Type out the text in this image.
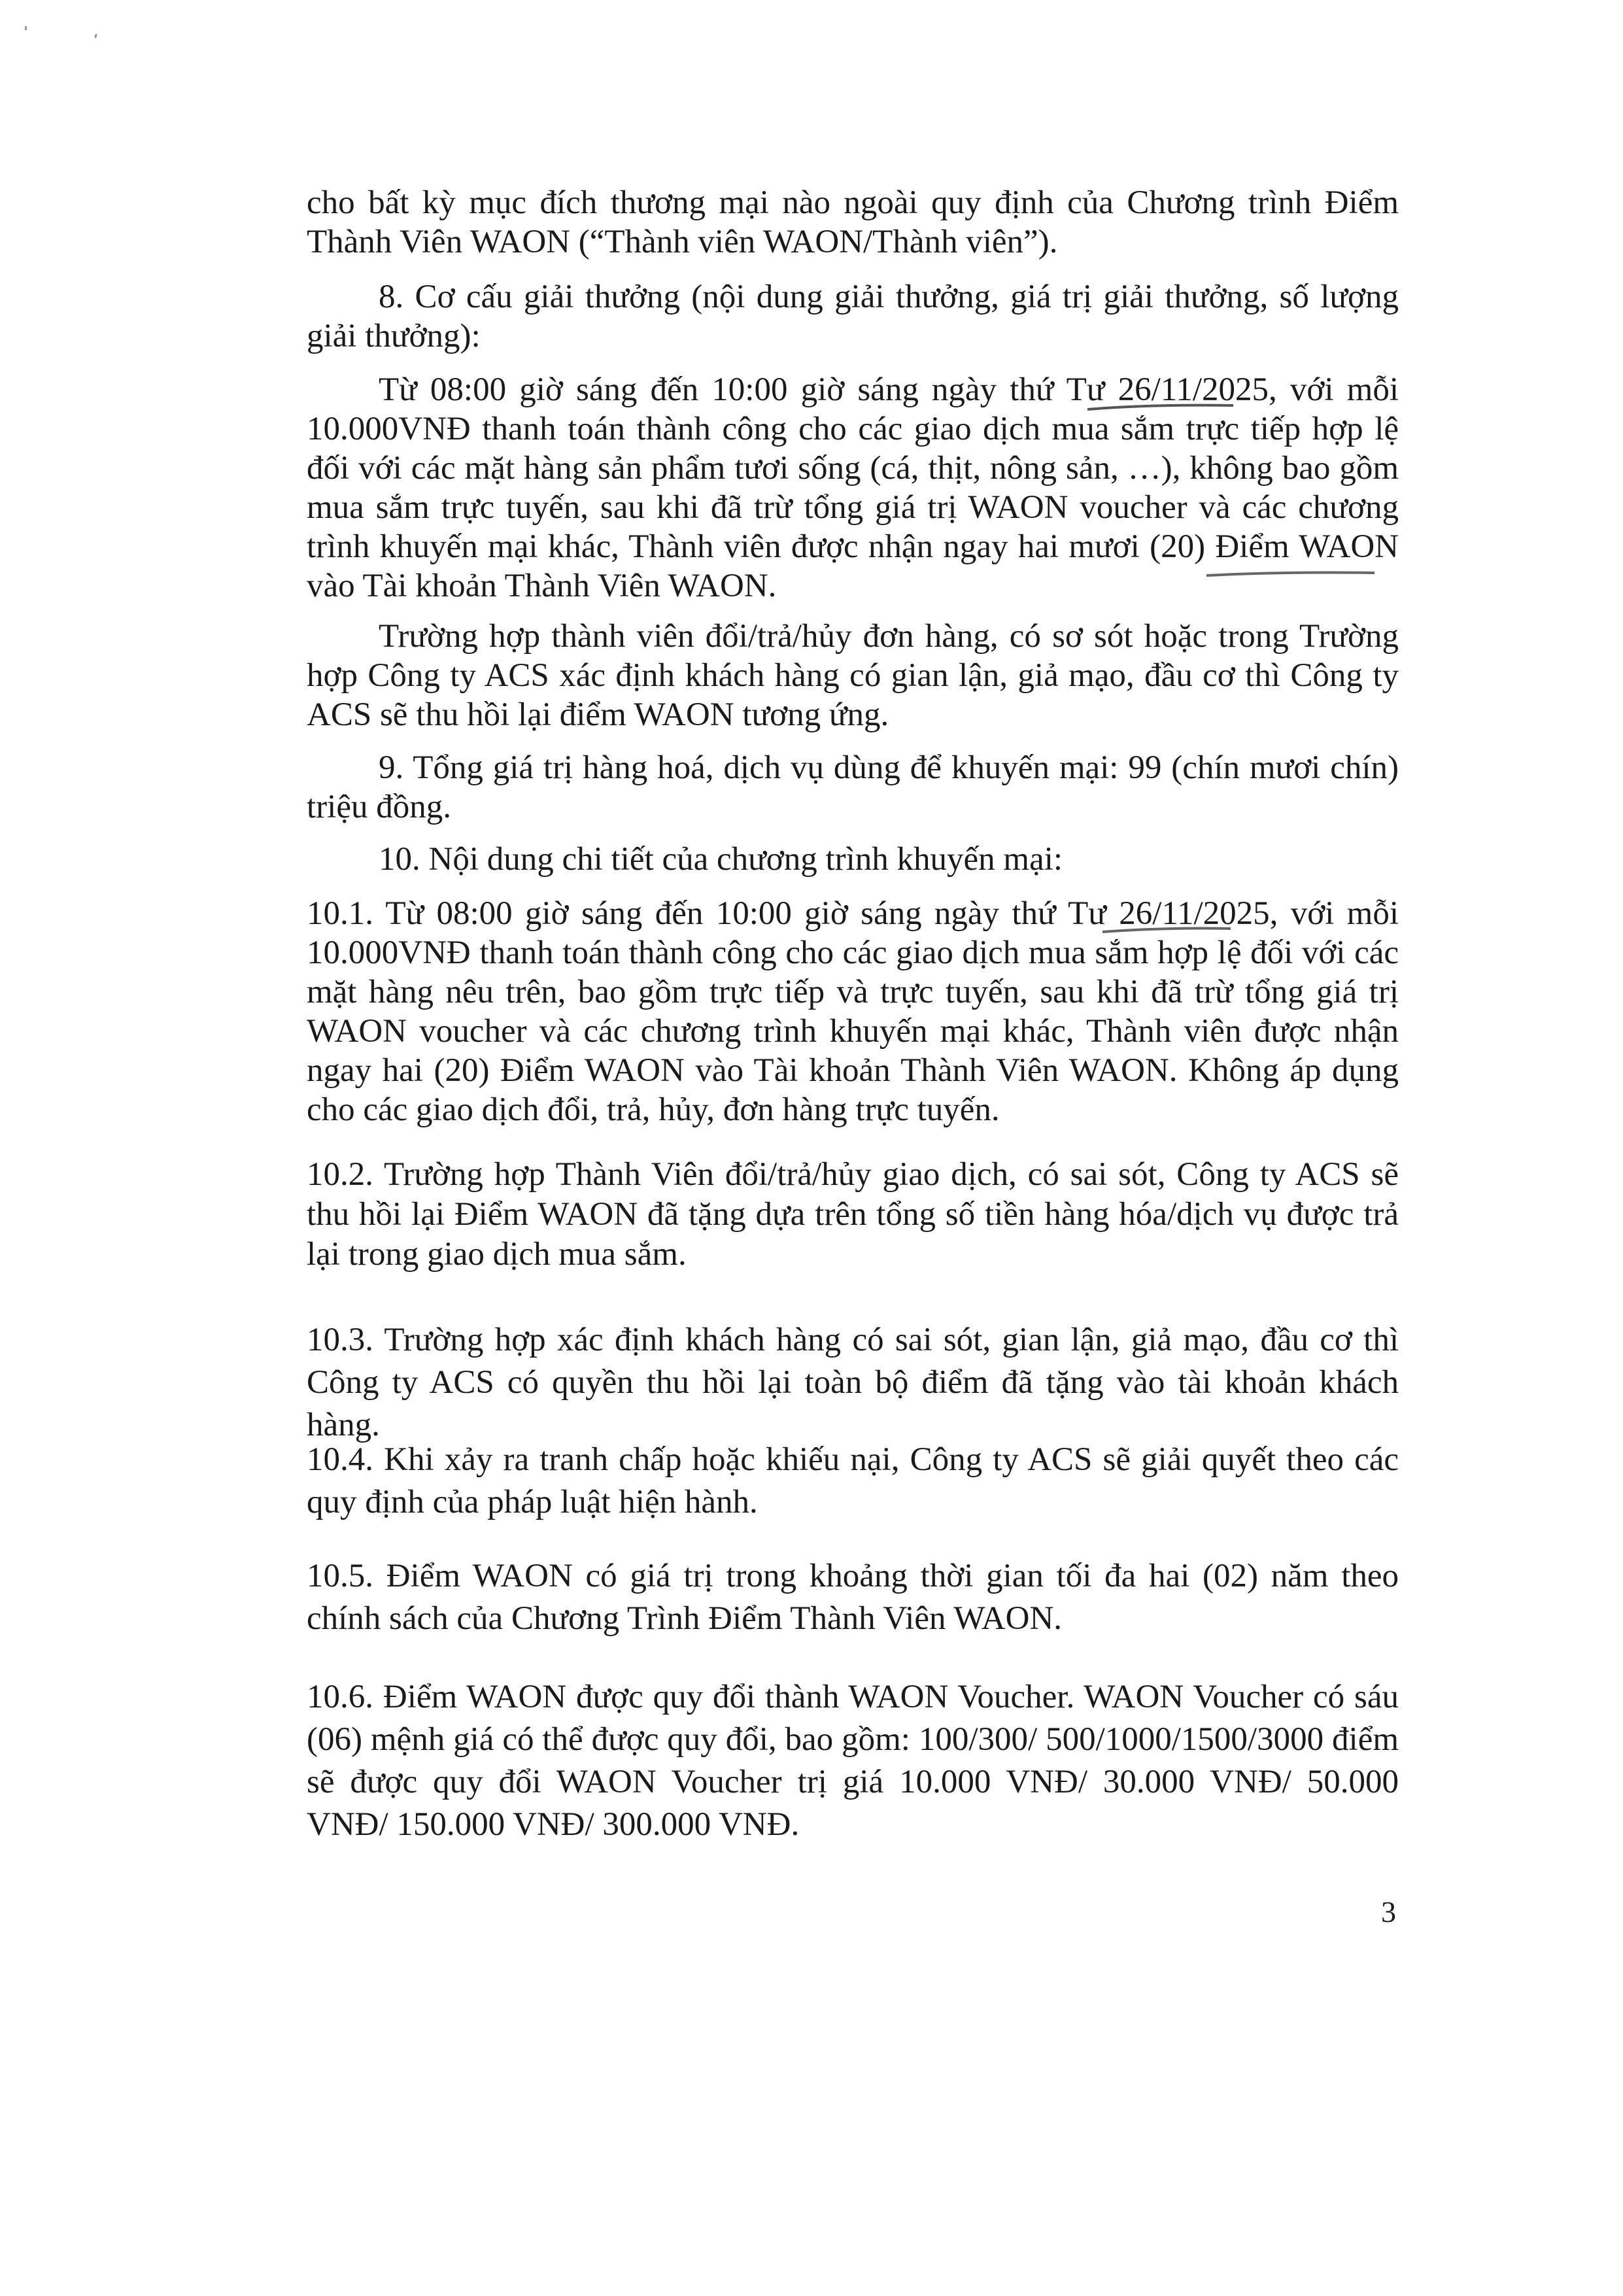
cho bất kỳ mục đích thương mại nào ngoài quy định của Chương trình Điểm Thành Viên WAON (“Thành viên WAON/Thành viên”).

8. Cơ cấu giải thưởng (nội dung giải thưởng, giá trị giải thưởng, số lượng giải thưởng):

Từ 08:00 giờ sáng đến 10:00 giờ sáng ngày thứ Tư 26/11/2025, với mỗi 10.000VNĐ thanh toán thành công cho các giao dịch mua sắm trực tiếp hợp lệ đối với các mặt hàng sản phẩm tươi sống (cá, thịt, nông sản, …), không bao gồm mua sắm trực tuyến, sau khi đã trừ tổng giá trị WAON voucher và các chương trình khuyến mại khác, Thành viên được nhận ngay hai mươi (20) Điểm WAON vào Tài khoản Thành Viên WAON.

Trường hợp thành viên đổi/trả/hủy đơn hàng, có sơ sót hoặc trong Trường hợp Công ty ACS xác định khách hàng có gian lận, giả mạo, đầu cơ thì Công ty ACS sẽ thu hồi lại điểm WAON tương ứng.

9. Tổng giá trị hàng hoá, dịch vụ dùng để khuyến mại: 99 (chín mươi chín) triệu đồng.

10. Nội dung chi tiết của chương trình khuyến mại:

10.1. Từ 08:00 giờ sáng đến 10:00 giờ sáng ngày thứ Tư 26/11/2025, với mỗi 10.000VNĐ thanh toán thành công cho các giao dịch mua sắm hợp lệ đối với các mặt hàng nêu trên, bao gồm trực tiếp và trực tuyến, sau khi đã trừ tổng giá trị WAON voucher và các chương trình khuyến mại khác, Thành viên được nhận ngay hai (20) Điểm WAON vào Tài khoản Thành Viên WAON. Không áp dụng cho các giao dịch đổi, trả, hủy, đơn hàng trực tuyến.

10.2. Trường hợp Thành Viên đổi/trả/hủy giao dịch, có sai sót, Công ty ACS sẽ thu hồi lại Điểm WAON đã tặng dựa trên tổng số tiền hàng hóa/dịch vụ được trả lại trong giao dịch mua sắm.

10.3. Trường hợp xác định khách hàng có sai sót, gian lận, giả mạo, đầu cơ thì Công ty ACS có quyền thu hồi lại toàn bộ điểm đã tặng vào tài khoản khách hàng.

10.4. Khi xảy ra tranh chấp hoặc khiếu nại, Công ty ACS sẽ giải quyết theo các quy định của pháp luật hiện hành.

10.5. Điểm WAON có giá trị trong khoảng thời gian tối đa hai (02) năm theo chính sách của Chương Trình Điểm Thành Viên WAON.

10.6. Điểm WAON được quy đổi thành WAON Voucher. WAON Voucher có sáu (06) mệnh giá có thể được quy đổi, bao gồm: 100/300/ 500/1000/1500/3000 điểm sẽ được quy đổi WAON Voucher trị giá 10.000 VNĐ/ 30.000 VNĐ/ 50.000 VNĐ/ 150.000 VNĐ/ 300.000 VNĐ.

3
